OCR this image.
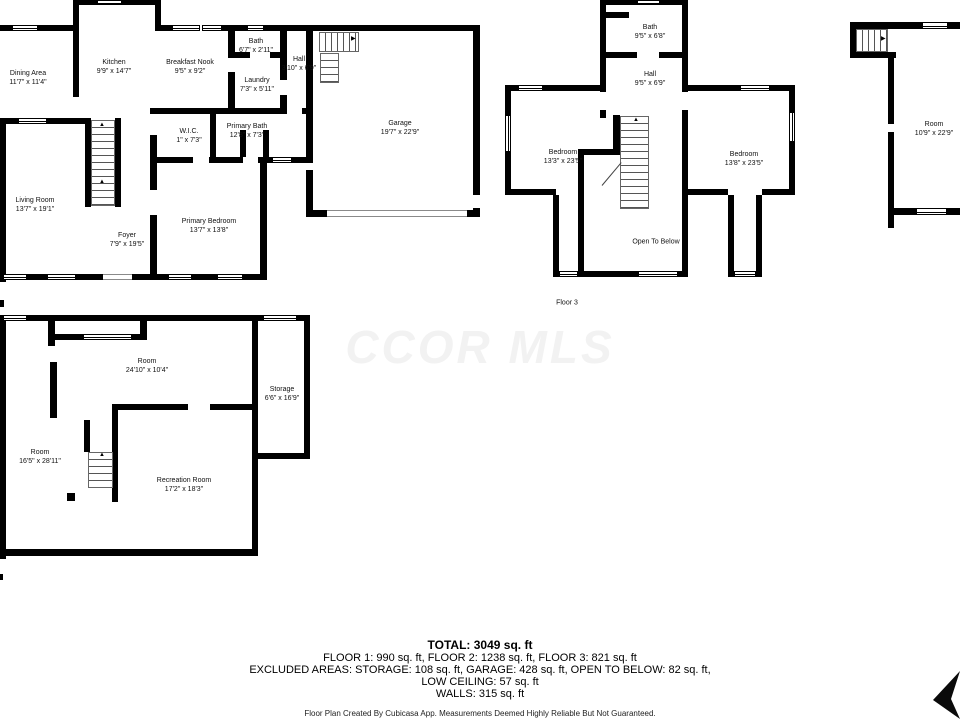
CCOR MLS
Dining Area
11'7" x 11'4"
Kitchen
9'9" x 14'7"
Breakfast Nook
9'5" x 9'2"
Bath
6'7" x 2'11"
Hall
3'10" x 6'9"
Laundry
7'3" x 5'11"
W.I.C.
1" x 7'3"
Primary Bath
12'8" x 7'3"
Living Room
13'7" x 19'1"
Foyer
7'9" x 19'5"
Primary Bedroom
13'7" x 13'8"
Garage
19'7" x 22'9"
Bath
9'5" x 6'8"
Hall
9'5" x 6'9"
Bedroom
13'3" x 23'5"
Bedroom
13'8" x 23'5"
Open To Below
Floor 3
Room
10'9" x 22'9"
Room
24'10" x 10'4"
Storage
6'6" x 16'9"
Room
16'5" x 28'11"
Recreation Room
17'2" x 18'3"
TOTAL: 3049 sq. ft
FLOOR 1: 990 sq. ft, FLOOR 2: 1238 sq. ft, FLOOR 3: 821 sq. ft
EXCLUDED AREAS: STORAGE: 108 sq. ft, GARAGE: 428 sq. ft, OPEN TO BELOW: 82 sq. ft,
LOW CEILING: 57 sq. ft
WALLS: 315 sq. ft
Floor Plan Created By Cubicasa App. Measurements Deemed Highly Reliable But Not Guaranteed.
▲
▲
▶
▲
▶
▲
